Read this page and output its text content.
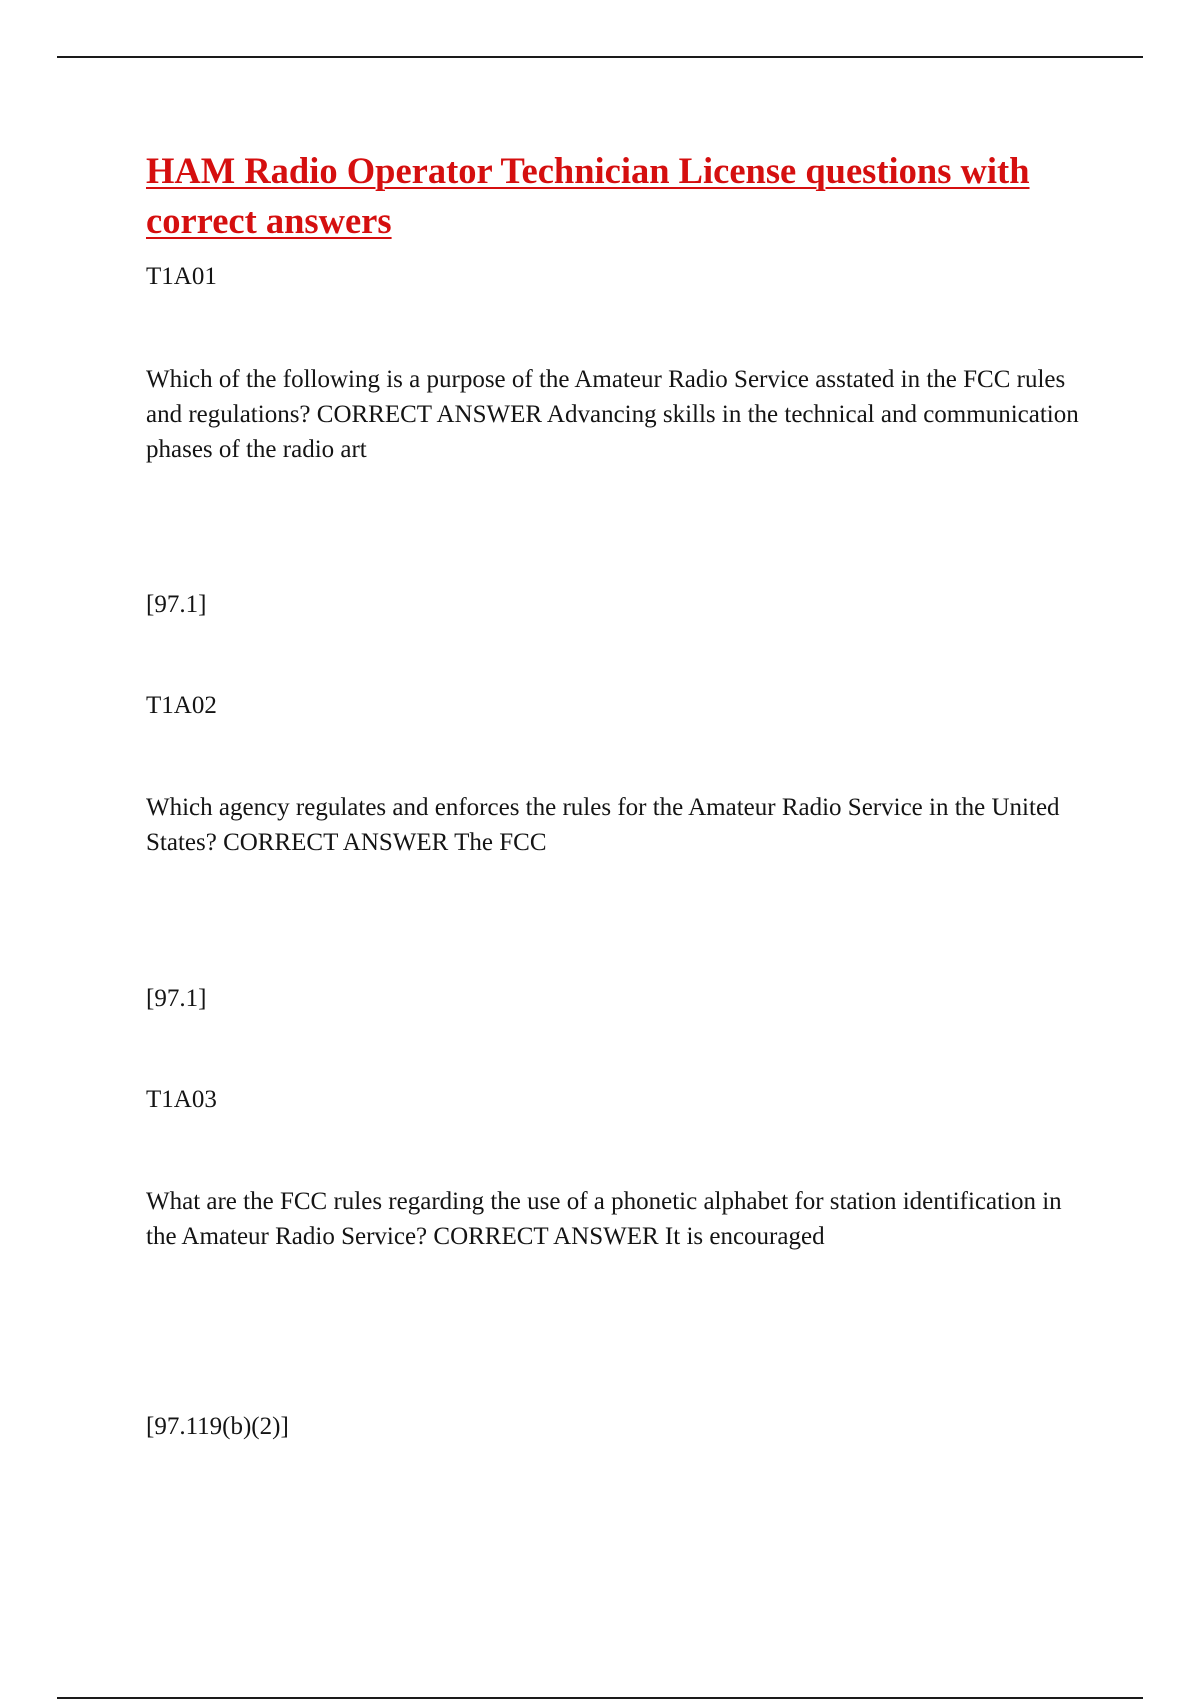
HAM Radio Operator Technician License questions with correct answers

T1A01

Which of the following is a purpose of the Amateur Radio Service asstated in the FCC rules and regulations? CORRECT ANSWER Advancing skills in the technical and communication phases of the radio art

[97.1]

T1A02

Which agency regulates and enforces the rules for the Amateur Radio Service in the United States? CORRECT ANSWER The FCC

[97.1]

T1A03

What are the FCC rules regarding the use of a phonetic alphabet for station identification in the Amateur Radio Service? CORRECT ANSWER It is encouraged

[97.119(b)(2)]
